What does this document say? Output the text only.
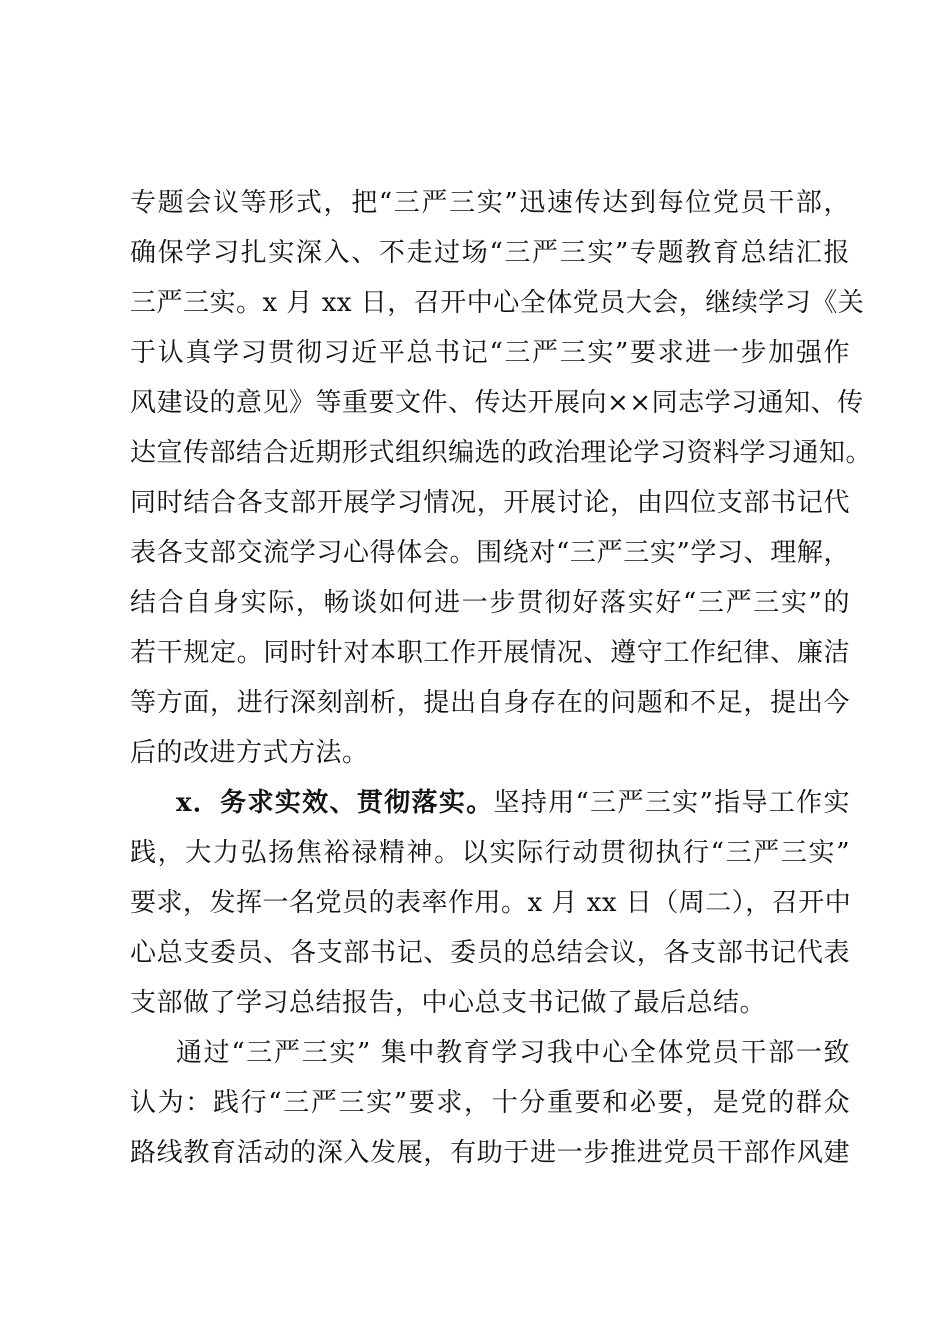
专题会议等形式，把“三严三实”迅速传达到每位党员干部，

确保学习扎实深入、不走过场“三严三实”专题教育总结汇报

三严三实。x 月 xx 日，召开中心全体党员大会，继续学习《关

于认真学习贯彻习近平总书记“三严三实”要求进一步加强作

风建设的意见》等重要文件、传达开展向××同志学习通知、传

达宣传部结合近期形式组织编选的政治理论学习资料学习通知。

同时结合各支部开展学习情况，开展讨论，由四位支部书记代

表各支部交流学习心得体会。围绕对“三严三实”学习、理解，

结合自身实际，畅谈如何进一步贯彻好落实好“三严三实”的

若干规定。同时针对本职工作开展情况、遵守工作纪律、廉洁

等方面，进行深刻剖析，提出自身存在的问题和不足，提出今

后的改进方式方法。

x．务求实效、贯彻落实。坚持用“三严三实”指导工作实

践，大力弘扬焦裕禄精神。以实际行动贯彻执行“三严三实”

要求，发挥一名党员的表率作用。x 月 xx 日（周二），召开中

心总支委员、各支部书记、委员的总结会议，各支部书记代表

支部做了学习总结报告，中心总支书记做了最后总结。

通过“三严三实” 集中教育学习我中心全体党员干部一致

认为：践行“三严三实”要求，十分重要和必要，是党的群众

路线教育活动的深入发展，有助于进一步推进党员干部作风建
